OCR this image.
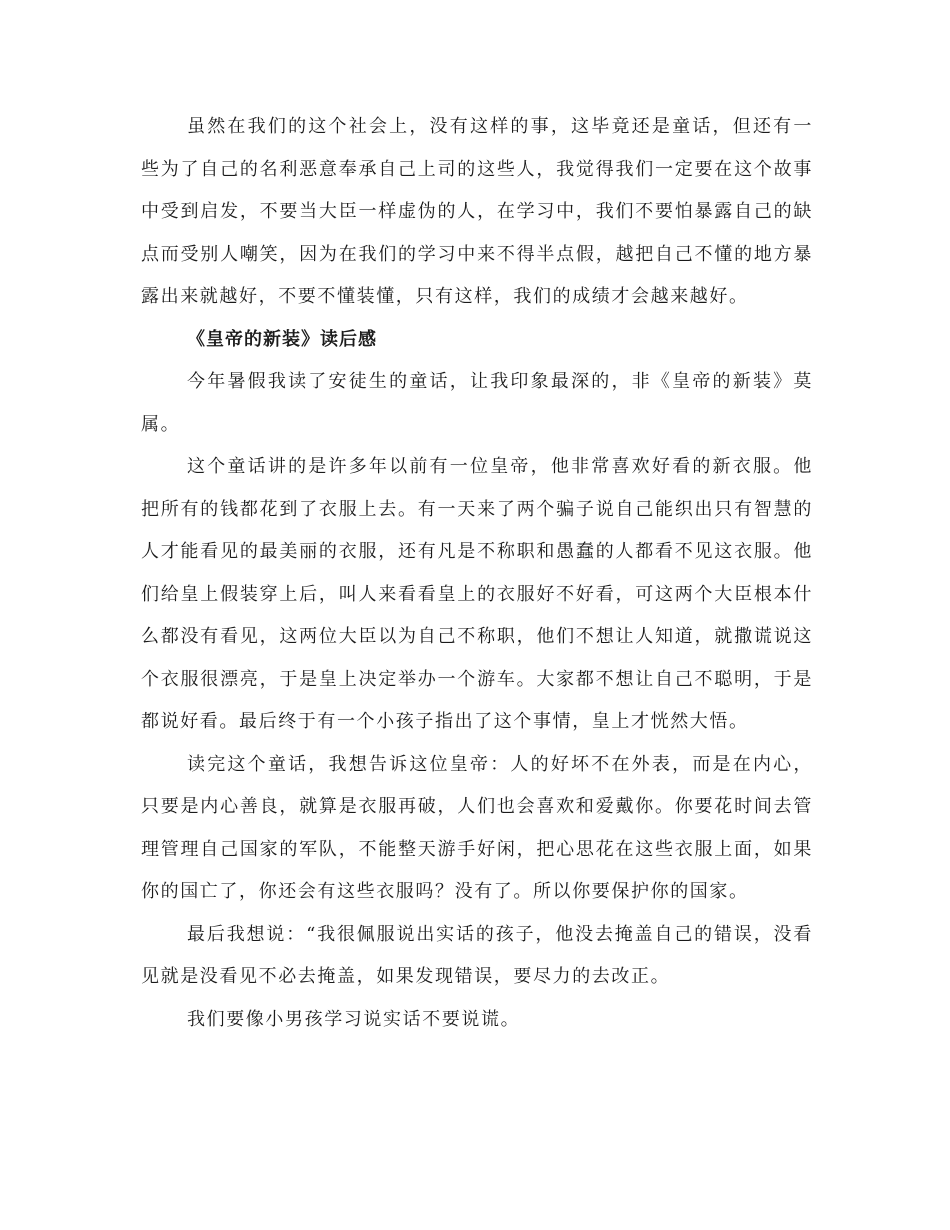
虽然在我们的这个社会上，没有这样的事，这毕竟还是童话，但还有一些为了自己的名利恶意奉承自己上司的这些人，我觉得我们一定要在这个故事中受到启发，不要当大臣一样虚伪的人，在学习中，我们不要怕暴露自己的缺点而受别人嘲笑，因为在我们的学习中来不得半点假，越把自己不懂的地方暴露出来就越好，不要不懂装懂，只有这样，我们的成绩才会越来越好。

《皇帝的新装》读后感

今年暑假我读了安徒生的童话，让我印象最深的，非《皇帝的新装》莫属。

这个童话讲的是许多年以前有一位皇帝，他非常喜欢好看的新衣服。他把所有的钱都花到了衣服上去。有一天来了两个骗子说自己能织出只有智慧的人才能看见的最美丽的衣服，还有凡是不称职和愚蠢的人都看不见这衣服。他们给皇上假装穿上后，叫人来看看皇上的衣服好不好看，可这两个大臣根本什么都没有看见，这两位大臣以为自己不称职，他们不想让人知道，就撒谎说这个衣服很漂亮，于是皇上决定举办一个游车。大家都不想让自己不聪明，于是都说好看。最后终于有一个小孩子指出了这个事情，皇上才恍然大悟。

读完这个童话，我想告诉这位皇帝：人的好坏不在外表，而是在内心，只要是内心善良，就算是衣服再破，人们也会喜欢和爱戴你。你要花时间去管理管理自己国家的军队，不能整天游手好闲，把心思花在这些衣服上面，如果你的国亡了，你还会有这些衣服吗？没有了。所以你要保护你的国家。

最后我想说：“我很佩服说出实话的孩子，他没去掩盖自己的错误，没看见就是没看见不必去掩盖，如果发现错误，要尽力的去改正。

我们要像小男孩学习说实话不要说谎。
